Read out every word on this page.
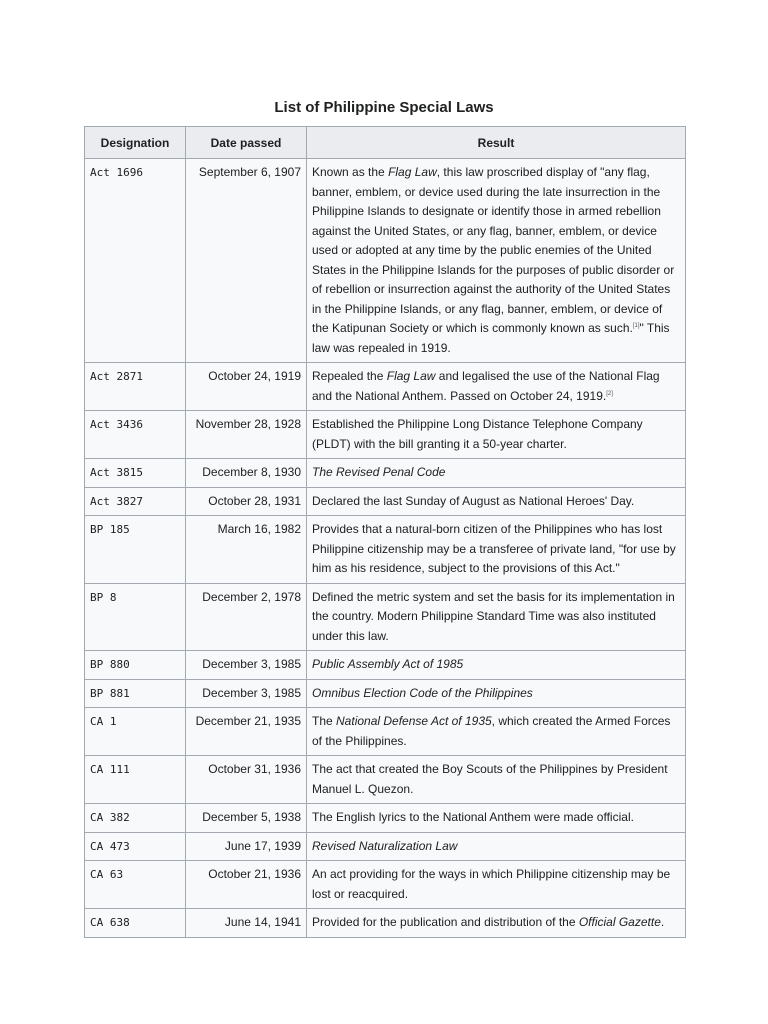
List of Philippine Special Laws
Designation	Date passed	Result
Act 1696	September 6, 1907	Known as the Flag Law, this law proscribed display of "any flag, banner, emblem, or device used during the late insurrection in the Philippine Islands to designate or identify those in armed rebellion against the United States, or any flag, banner, emblem, or device used or adopted at any time by the public enemies of the United States in the Philippine Islands for the purposes of public disorder or of rebellion or insurrection against the authority of the United States in the Philippine Islands, or any flag, banner, emblem, or device of the Katipunan Society or which is commonly known as such.[1]" This law was repealed in 1919.
Act 2871	October 24, 1919	Repealed the Flag Law and legalised the use of the National Flag and the National Anthem. Passed on October 24, 1919.[2]
Act 3436	November 28, 1928	Established the Philippine Long Distance Telephone Company (PLDT) with the bill granting it a 50-year charter.
Act 3815	December 8, 1930	The Revised Penal Code
Act 3827	October 28, 1931	Declared the last Sunday of August as National Heroes' Day.
BP 185	March 16, 1982	Provides that a natural-born citizen of the Philippines who has lost Philippine citizenship may be a transferee of private land, "for use by him as his residence, subject to the provisions of this Act."
BP 8	December 2, 1978	Defined the metric system and set the basis for its implementation in the country. Modern Philippine Standard Time was also instituted under this law.
BP 880	December 3, 1985	Public Assembly Act of 1985
BP 881	December 3, 1985	Omnibus Election Code of the Philippines
CA 1	December 21, 1935	The National Defense Act of 1935, which created the Armed Forces of the Philippines.
CA 111	October 31, 1936	The act that created the Boy Scouts of the Philippines by President Manuel L. Quezon.
CA 382	December 5, 1938	The English lyrics to the National Anthem were made official.
CA 473	June 17, 1939	Revised Naturalization Law
CA 63	October 21, 1936	An act providing for the ways in which Philippine citizenship may be lost or reacquired.
CA 638	June 14, 1941	Provided for the publication and distribution of the Official Gazette.
